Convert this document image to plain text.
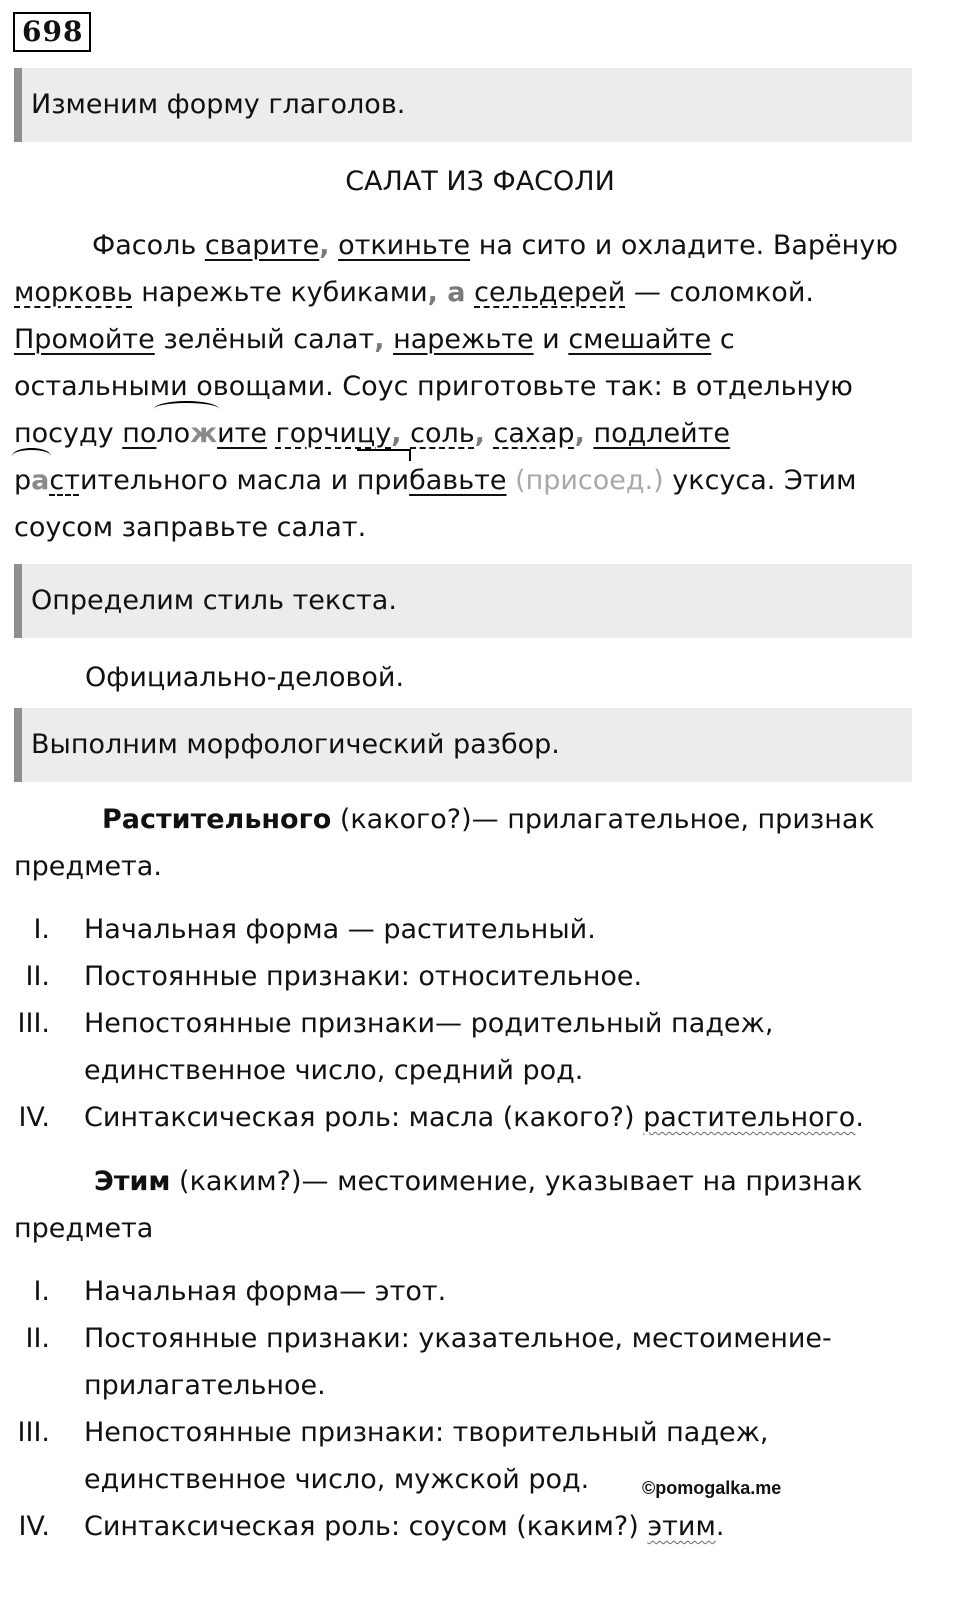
698
Изменим форму глаголов.
САЛАТ ИЗ ФАСОЛИ
Фасоль сварите, откиньте на сито и охладите. Варёную
морковь нарежьте кубиками, а сельдерей — соломкой.
Промойте зелёный салат, нарежьте и смешайте с
остальными овощами. Соус приготовьте так: в отдельную
посуду положите горчицу, соль, сахар, подлейте
растительного масла и прибавьте (присоед.) уксуса. Этим
соусом заправьте салат.
Определим стиль текста.
Официально-деловой.
Выполним морфологический разбор.
Растительного (какого?)— прилагательное, признак
предмета.
I. Начальная форма — растительный.
II. Постоянные признаки: относительное.
III. Непостоянные признаки— родительный падеж,
единственное число, средний род.
IV. Синтаксическая роль: масла (какого?) растительного.
Этим (каким?)— местоимение, указывает на признак
предмета
I. Начальная форма— этот.
II. Постоянные признаки: указательное, местоимение-
прилагательное.
III. Непостоянные признаки: творительный падеж,
единственное число, мужской род.
IV. Синтаксическая роль: соусом (каким?) этим.
©pomogalka.me
